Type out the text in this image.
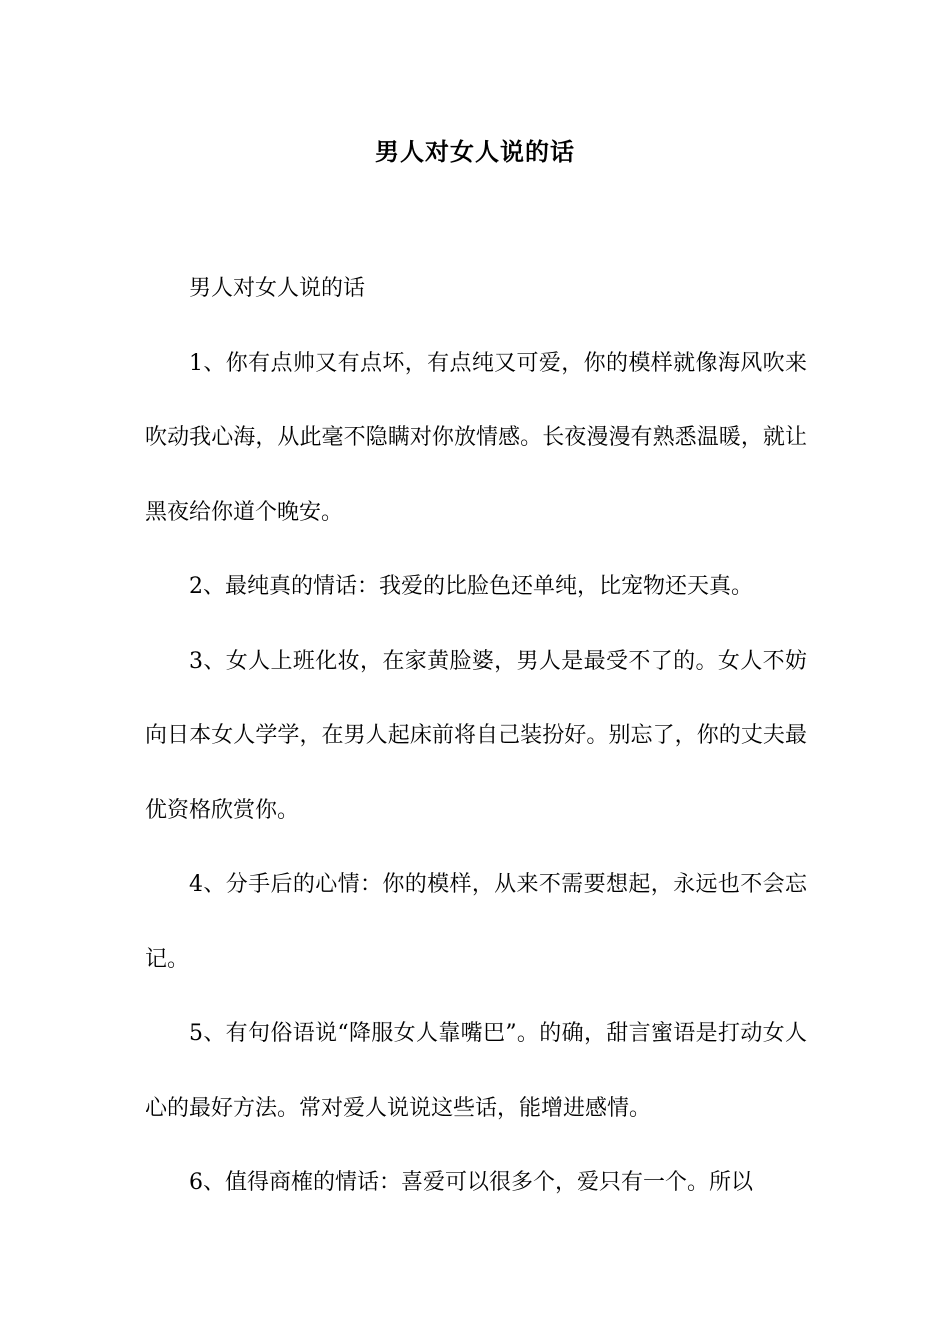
男人对女人说的话

男人对女人说的话

1、你有点帅又有点坏，有点纯又可爱，你的模样就像海风吹来吹动我心海，从此毫不隐瞒对你放情感。长夜漫漫有熟悉温暖，就让黑夜给你道个晚安。

2、最纯真的情话：我爱的比脸色还单纯，比宠物还天真。

3、女人上班化妆，在家黄脸婆，男人是最受不了的。女人不妨向日本女人学学，在男人起床前将自己装扮好。别忘了，你的丈夫最优资格欣赏你。

4、分手后的心情：你的模样，从来不需要想起，永远也不会忘记。

5、有句俗语说“降服女人靠嘴巴”。的确，甜言蜜语是打动女人心的最好方法。常对爱人说说这些话，能增进感情。

6、值得商榷的情话：喜爱可以很多个，爱只有一个。所以
